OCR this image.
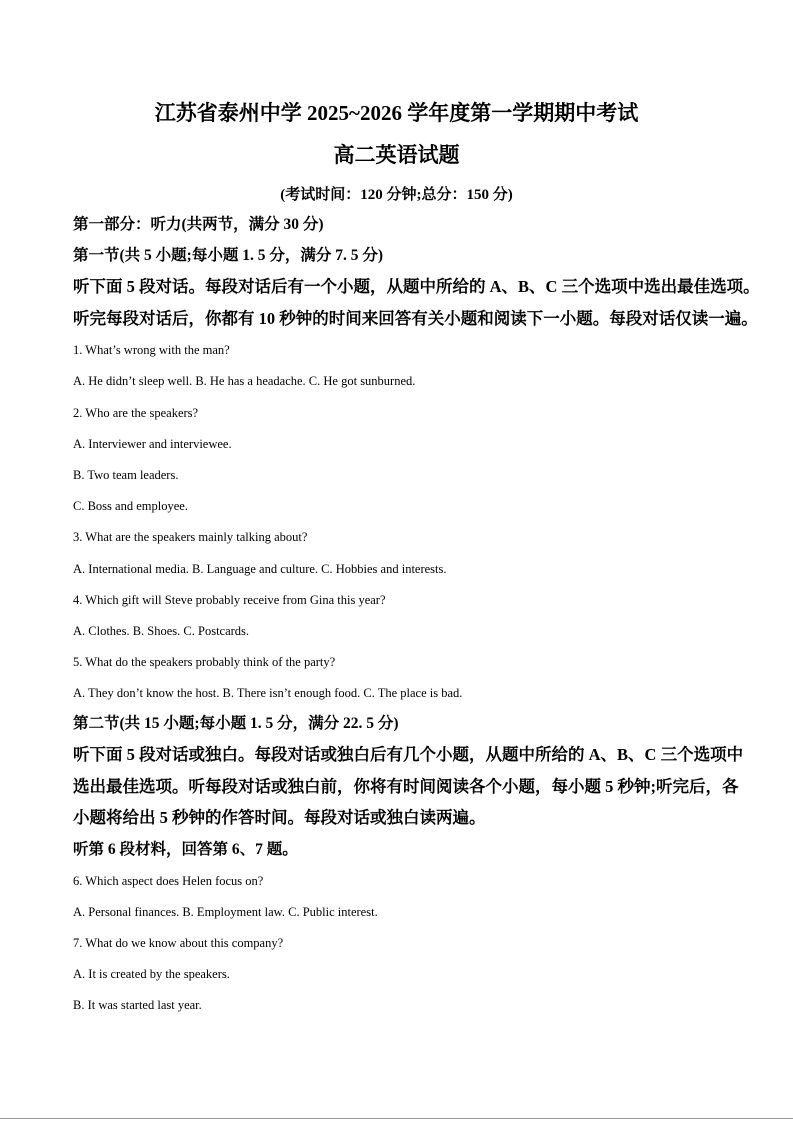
江苏省泰州中学 2025~2026 学年度第一学期期中考试
高二英语试题
(考试时间：120 分钟;总分：150 分)
第一部分：听力(共两节，满分 30 分)
第一节(共 5 小题;每小题 1. 5 分，满分 7. 5 分)
听下面 5 段对话。每段对话后有一个小题，从题中所给的 A、B、C 三个选项中选出最佳选项。
听完每段对话后，你都有 10 秒钟的时间来回答有关小题和阅读下一小题。每段对话仅读一遍。
1. What’s wrong with the man?
A. He didn’t sleep well. B. He has a headache. C. He got sunburned.
2. Who are the speakers?
A. Interviewer and interviewee.
B. Two team leaders.
C. Boss and employee.
3. What are the speakers mainly talking about?
A. International media. B. Language and culture. C. Hobbies and interests.
4. Which gift will Steve probably receive from Gina this year?
A. Clothes. B. Shoes. C. Postcards.
5. What do the speakers probably think of the party?
A. They don’t know the host. B. There isn’t enough food. C. The place is bad.
第二节(共 15 小题;每小题 1. 5 分，满分 22. 5 分)
听下面 5 段对话或独白。每段对话或独白后有几个小题，从题中所给的 A、B、C 三个选项中
选出最佳选项。听每段对话或独白前，你将有时间阅读各个小题，每小题 5 秒钟;听完后，各
小题将给出 5 秒钟的作答时间。每段对话或独白读两遍。
听第 6 段材料，回答第 6、7 题。
6. Which aspect does Helen focus on?
A. Personal finances. B. Employment law. C. Public interest.
7. What do we know about this company?
A. It is created by the speakers.
B. It was started last year.
